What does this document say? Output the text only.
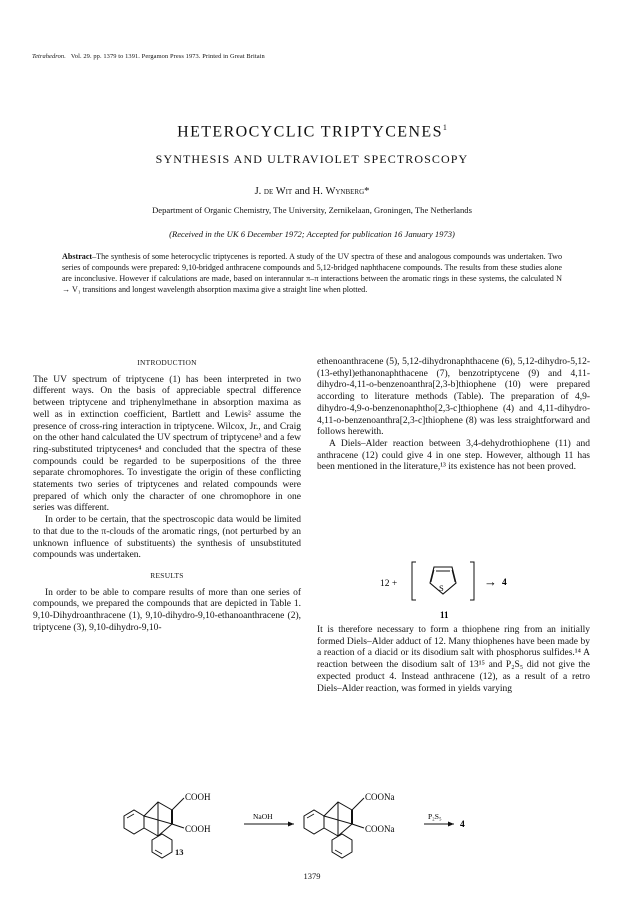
Tetrahedron. Vol. 29. pp. 1379 to 1391. Pergamon Press 1973. Printed in Great Britain
HETEROCYCLIC TRIPTYCENES$^1$
SYNTHESIS AND ULTRAVIOLET SPECTROSCOPY
J. de Wit and H. Wynberg*
Department of Organic Chemistry, The University, Zernikelaan, Groningen, The Netherlands
(Received in the UK 6 December 1972; Accepted for publication 16 January 1973)
Abstract–The synthesis of some heterocyclic triptycenes is reported. A study of the UV spectra of these and analogous compounds was undertaken. Two series of compounds were prepared: 9,10-bridged anthracene compounds and 5,12-bridged naphthacene compounds. The results from these studies alone are inconclusive. However if calculations are made, based on interannular π–π interactions between the aromatic rings in these systems, the calculated N → V₁ transitions and longest wavelength absorption maxima give a straight line when plotted.

INTRODUCTION

The UV spectrum of triptycene (1) has been interpreted in two different ways. On the basis of appreciable spectral difference between triptycene and triphenylmethane in absorption maxima as well as in extinction coefficient, Bartlett and Lewis² assume the presence of cross-ring interaction in triptycene. Wilcox, Jr., and Craig on the other hand calculated the UV spectrum of triptycene³ and a few ring-substituted triptycenes⁴ and concluded that the spectra of these compounds could be regarded to be superpositions of the three separate chromophores. To investigate the origin of these conflicting statements two series of triptycenes and related compounds were prepared of which only the character of one chromophore in one series was different.

In order to be certain, that the spectroscopic data would be limited to that due to the π-clouds of the aromatic rings, (not perturbed by an unknown influence of substituents) the synthesis of unsubstituted compounds was undertaken.

RESULTS

In order to be able to compare results of more than one series of compounds, we prepared the compounds that are depicted in Table 1. 9,10-Dihydroanthracene (1), 9,10-dihydro-9,10-ethanoanthracene (2), triptycene (3), 9,10-dihydro-9,10-

ethenoanthracene (5), 5,12-dihydronaphthacene (6), 5,12-dihydro-5,12-(13-ethyl)ethanonaphthacene (7), benzotriptycene (9) and 4,11-dihydro-4,11-o-benzenoanthra[2,3-b]thiophene (10) were prepared according to literature methods (Table). The preparation of 4,9-dihydro-4,9-o-benzenonaphtho[2,3-c]thiophene (4) and 4,11-dihydro-4,11-o-benzenoanthra[2,3-c]thiophene (8) was less straightforward and follows herewith.

A Diels–Alder reaction between 3,4-dehydrothiophene (11) and anthracene (12) could give 4 in one step. However, although 11 has been mentioned in the literature,¹³ its existence has not been proved.

12 +	S
11
→ 4

It is therefore necessary to form a thiophene ring from an initially formed Diels–Alder adduct of 12. Many thiophenes have been made by a reaction of a diacid or its disodium salt with phosphorus sulfides.¹⁴ A reaction between the disodium salt of 13¹⁵ and P₂S₅ did not give the expected product 4. Instead anthracene (12), as a result of a retro Diels–Alder reaction, was formed in yields varying

COOH
COOH
NaOH
COONa
COONa
P₂S₅
4
13
1379
